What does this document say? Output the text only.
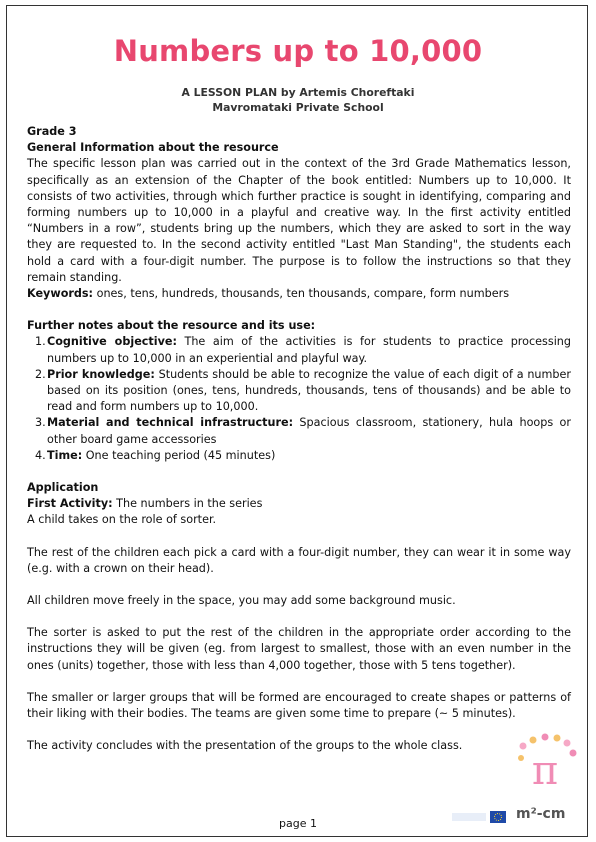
Numbers up to 10,000
A LESSON PLAN by Artemis Choreftaki
Mavromataki Private School

Grade 3

General Information about the resource

The specific lesson plan was carried out in the context of the 3rd Grade Mathematics lesson, specifically as an extension of the Chapter of the book entitled: Numbers up to 10,000. It consists of two activities, through which further practice is sought in identifying, comparing and forming numbers up to 10,000 in a playful and creative way. In the first activity entitled “Numbers in a row”, students bring up the numbers, which they are asked to sort in the way they are requested to. In the second activity entitled "Last Man Standing", the students each hold a card with a four-digit number. The purpose is to follow the instructions so that they remain standing.

Keywords: ones, tens, hundreds, thousands, ten thousands, compare, form numbers

Further notes about the resource and its use:

1. Cognitive objective: The aim of the activities is for students to practice processing numbers up to 10,000 in an experiential and playful way.
2. Prior knowledge: Students should be able to recognize the value of each digit of a number based on its position (ones, tens, hundreds, thousands, tens of thousands) and be able to read and form numbers up to 10,000.
3. Material and technical infrastructure: Spacious classroom, stationery, hula hoops or other board game accessories
4. Time: One teaching period (45 minutes)

Application

First Activity: The numbers in the series

A child takes on the role of sorter.

The rest of the children each pick a card with a four-digit number, they can wear it in some way (e.g. with a crown on their head).

All children move freely in the space, you may add some background music.

The sorter is asked to put the rest of the children in the appropriate order according to the instructions they will be given (eg. from largest to smallest, those with an even number in the ones (units) together, those with less than 4,000 together, those with 5 tens together).

The smaller or larger groups that will be formed are encouraged to create shapes or patterns of their liking with their bodies. The teams are given some time to prepare (~ 5 minutes).

The activity concludes with the presentation of the groups to the whole class.

π
m²-cm
page 1
